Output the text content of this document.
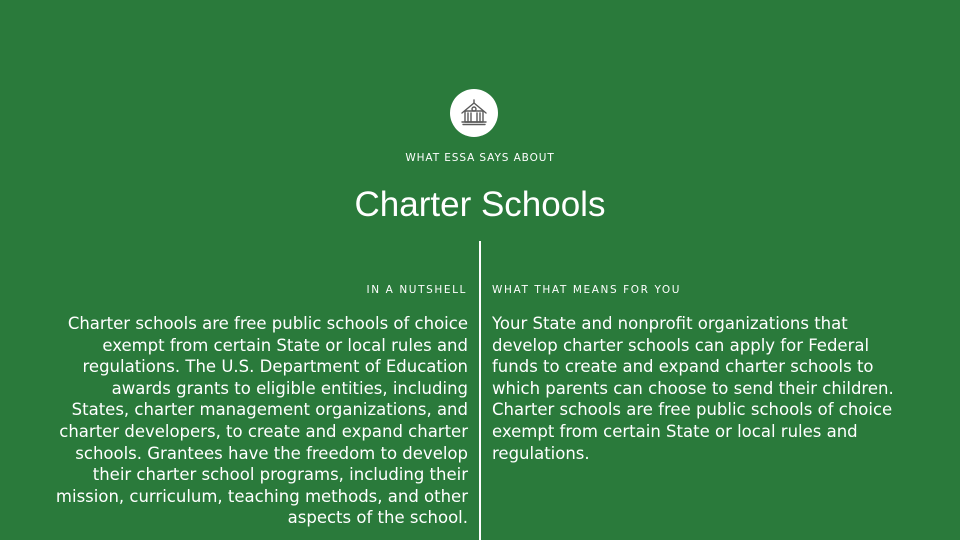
WHAT ESSA SAYS ABOUT
Charter Schools
IN A NUTSHELL WHAT THAT MEANS FOR YOU

Charter schools are free public schools of choice exempt from certain State or local rules and regulations. The U.S. Department of Education awards grants to eligible entities, including States, charter management organizations, and charter developers, to create and expand charter schools. Grantees have the freedom to develop their charter school programs, including their mission, curriculum, teaching methods, and other aspects of the school.

Your State and nonprofit organizations that develop charter schools can apply for Federal funds to create and expand charter schools to which parents can choose to send their children. Charter schools are free public schools of choice exempt from certain State or local rules and regulations.
